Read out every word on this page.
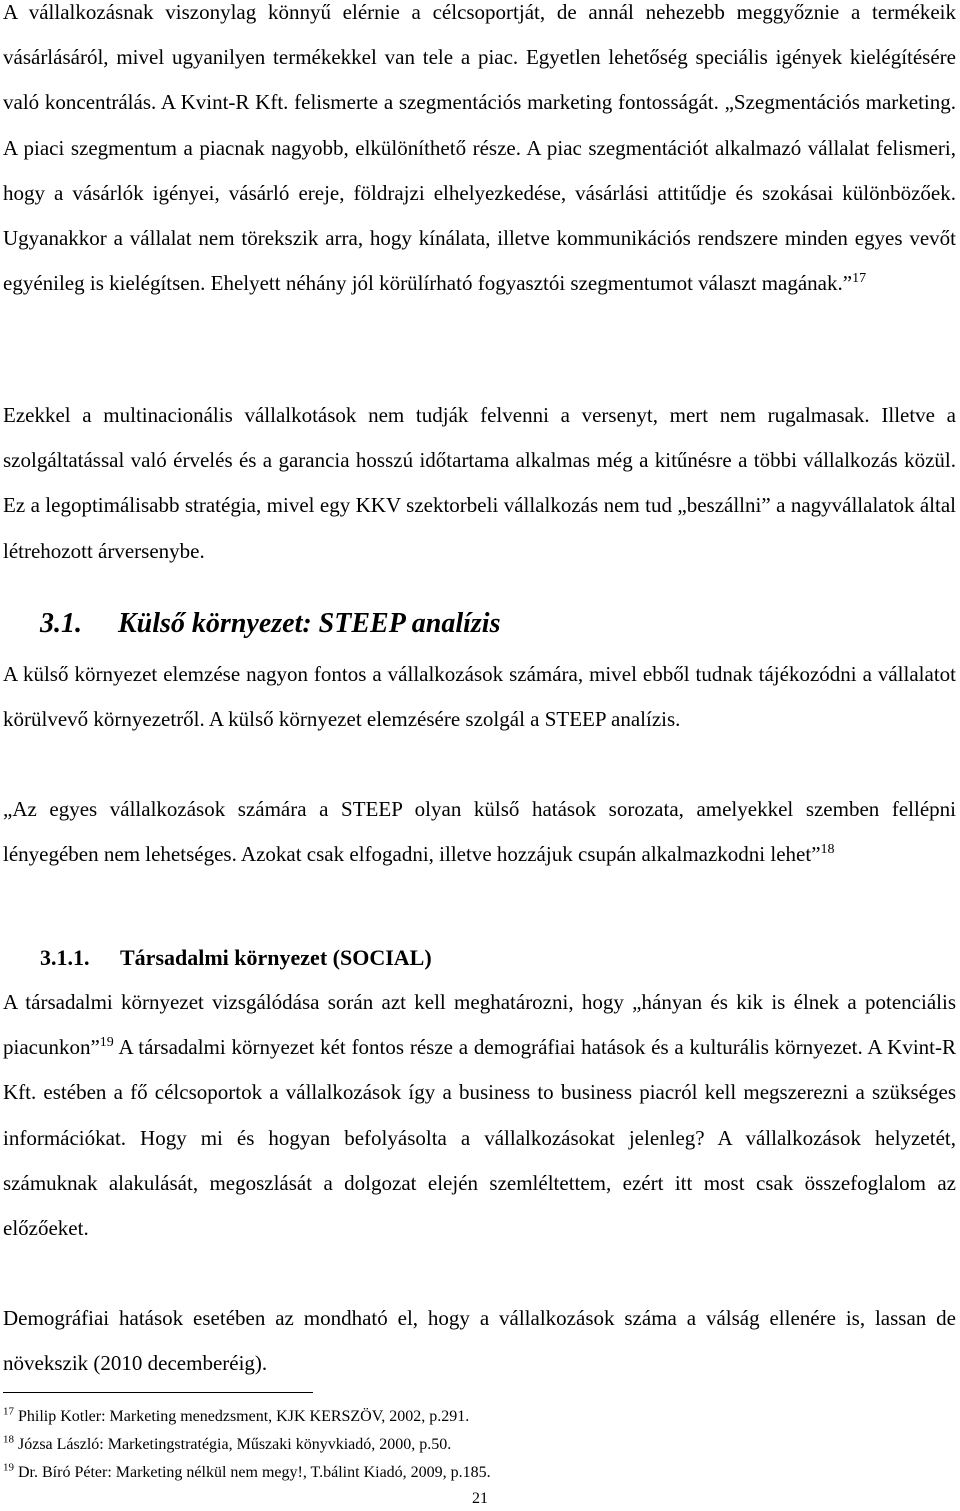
A vállalkozásnak viszonylag könnyű elérnie a célcsoportját, de annál nehezebb meggyőznie a termékeik vásárlásáról, mivel ugyanilyen termékekkel van tele a piac. Egyetlen lehetőség speciális igények kielégítésére való koncentrálás. A Kvint-R Kft. felismerte a szegmentációs marketing fontosságát. „Szegmentációs marketing. A piaci szegmentum a piacnak nagyobb, elkülöníthető része. A piac szegmentációt alkalmazó vállalat felismeri, hogy a vásárlók igényei, vásárló ereje, földrajzi elhelyezkedése, vásárlási attitűdje és szokásai különbözőek. Ugyanakkor a vállalat nem törekszik arra, hogy kínálata, illetve kommunikációs rendszere minden egyes vevőt egyénileg is kielégítsen. Ehelyett néhány jól körülírható fogyasztói szegmentumot választ magának.”$^{17}$

Ezekkel a multinacionális vállalkotások nem tudják felvenni a versenyt, mert nem rugalmasak. Illetve a szolgáltatással való érvelés és a garancia hosszú időtartama alkalmas még a kitűnésre a többi vállalkozás közül. Ez a legoptimálisabb stratégia, mivel egy KKV szektorbeli vállalkozás nem tud „beszállni” a nagyvállalatok által létrehozott árversenybe.

3.1. Külső környezet: STEEP analízis

A külső környezet elemzése nagyon fontos a vállalkozások számára, mivel ebből tudnak tájékozódni a vállalatot körülvevő környezetről. A külső környezet elemzésére szolgál a STEEP analízis.

„Az egyes vállalkozások számára a STEEP olyan külső hatások sorozata, amelyekkel szemben fellépni lényegében nem lehetséges. Azokat csak elfogadni, illetve hozzájuk csupán alkalmazkodni lehet”$^{18}$

3.1.1. Társadalmi környezet (SOCIAL)

A társadalmi környezet vizsgálódása során azt kell meghatározni, hogy „hányan és kik is élnek a potenciális piacunkon”$^{19}$ A társadalmi környezet két fontos része a demográfiai hatások és a kulturális környezet. A Kvint-R Kft. estében a fő célcsoportok a vállalkozások így a business to business piacról kell megszerezni a szükséges információkat. Hogy mi és hogyan befolyásolta a vállalkozásokat jelenleg? A vállalkozások helyzetét, számuknak alakulását, megoszlását a dolgozat elején szemléltettem, ezért itt most csak összefoglalom az előzőeket.

Demográfiai hatások esetében az mondható el, hogy a vállalkozások száma a válság ellenére is, lassan de növekszik (2010 decemberéig).

$^{17}$ Philip Kotler: Marketing menedzsment, KJK KERSZÖV, 2002, p.291.

$^{18}$ Józsa László: Marketingstratégia, Műszaki könyvkiadó, 2000, p.50.

$^{19}$ Dr. Bíró Péter: Marketing nélkül nem megy!, T.bálint Kiadó, 2009, p.185.

21
